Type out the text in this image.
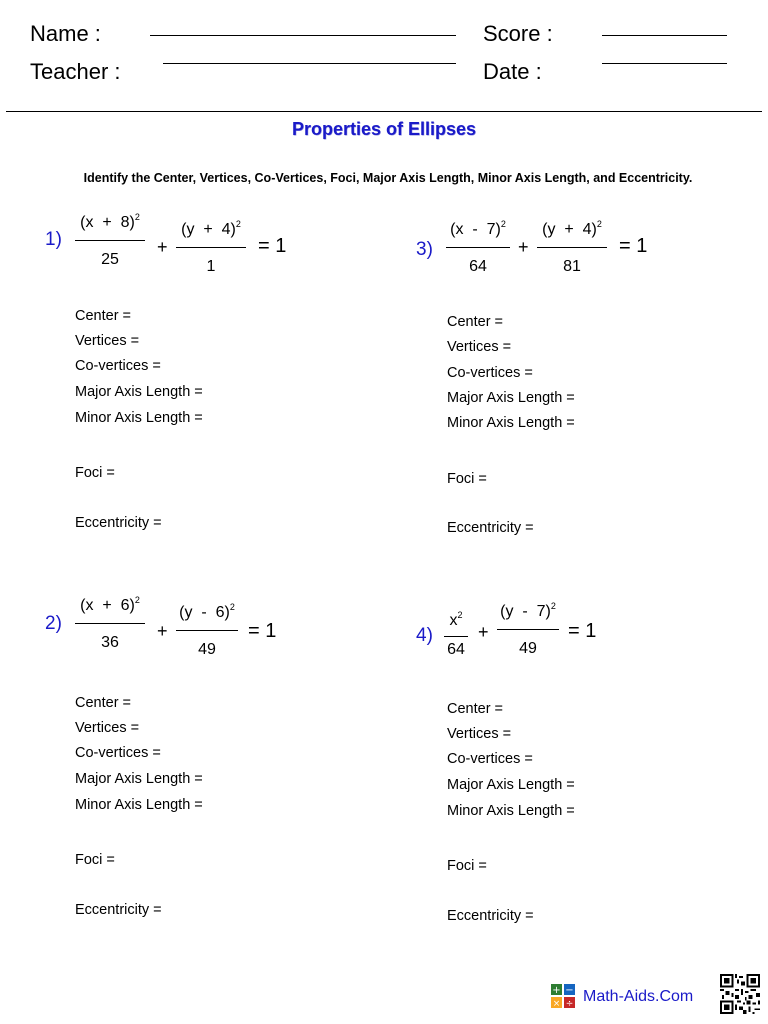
Name :	Score :
Teacher :	Date :
Properties of Ellipses
Identify the Center, Vertices, Co-Vertices, Foci, Major Axis Length, Minor Axis Length, and Eccentricity.
1)
$(x + 8)^2$
25
+
$(y + 4)^2$
1
= 1
Center =
Vertices =
Co-vertices =
Major Axis Length =
Minor Axis Length =
Foci =
Eccentricity =
3)
(x  -  7)$^2$
64
+
$(y + 4)^2$
81
= 1
Center =
Vertices =
Co-vertices =
Major Axis Length =
Minor Axis Length =
Foci =
Eccentricity =
2)
$(x + 6)^2$
36
+
(y  -  6)$^2$
49
= 1
Center =
Vertices =
Co-vertices =
Major Axis Length =
Minor Axis Length =
Foci =
Eccentricity =
4)
$x^2$
64
+
(y  -  7)$^2$
49
= 1
Center =
Vertices =
Co-vertices =
Major Axis Length =
Minor Axis Length =
Foci =
Eccentricity =
+ −
× ÷ Math-Aids.Com
